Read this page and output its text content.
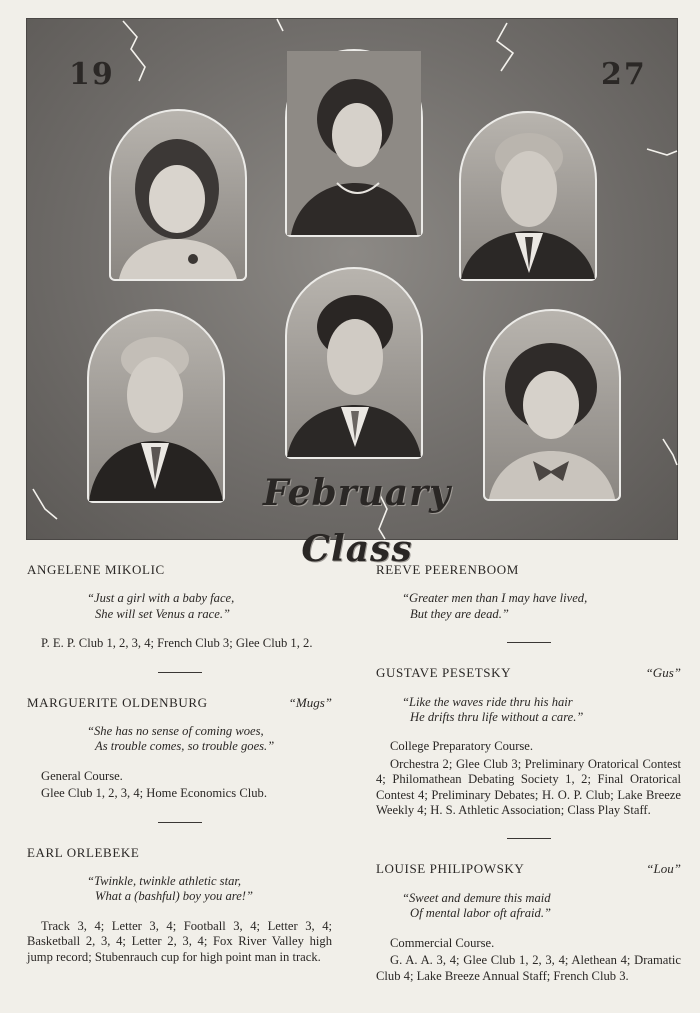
19	27
February Class
ANGELENE MIKOLIC
“Just a girl with a baby face,
She will set Venus a race.”
P. E. P. Club 1, 2, 3, 4; French Club 3; Glee Club 1, 2.
MARGUERITE OLDENBURG	“Mugs”
“She has no sense of coming woes,
As trouble comes, so trouble goes.”
General Course.
Glee Club 1, 2, 3, 4; Home Economics Club.
EARL ORLEBEKE
“Twinkle, twinkle athletic star,
What a (bashful) boy you are!”
Track 3, 4; Letter 3, 4; Football 3, 4; Letter 3, 4; Basketball 2, 3, 4; Letter 2, 3, 4; Fox River Valley high jump record; Stubenrauch cup for high point man in track.
REEVE PEERENBOOM
“Greater men than I may have lived,
But they are dead.”
GUSTAVE PESETSKY	“Gus”
“Like the waves ride thru his hair
He drifts thru life without a care.”
College Preparatory Course.
Orchestra 2; Glee Club 3; Preliminary Oratorical Contest 4; Philomathean Debating Society 1, 2; Final Oratorical Contest 4; Preliminary Debates; H. O. P. Club; Lake Breeze Weekly 4; H. S. Athletic Association; Class Play Staff.
LOUISE PHILIPOWSKY	“Lou”
“Sweet and demure this maid
Of mental labor oft afraid.”
Commercial Course.
G. A. A. 3, 4; Glee Club 1, 2, 3, 4; Alethean 4; Dramatic Club 4; Lake Breeze Annual Staff; French Club 3.
